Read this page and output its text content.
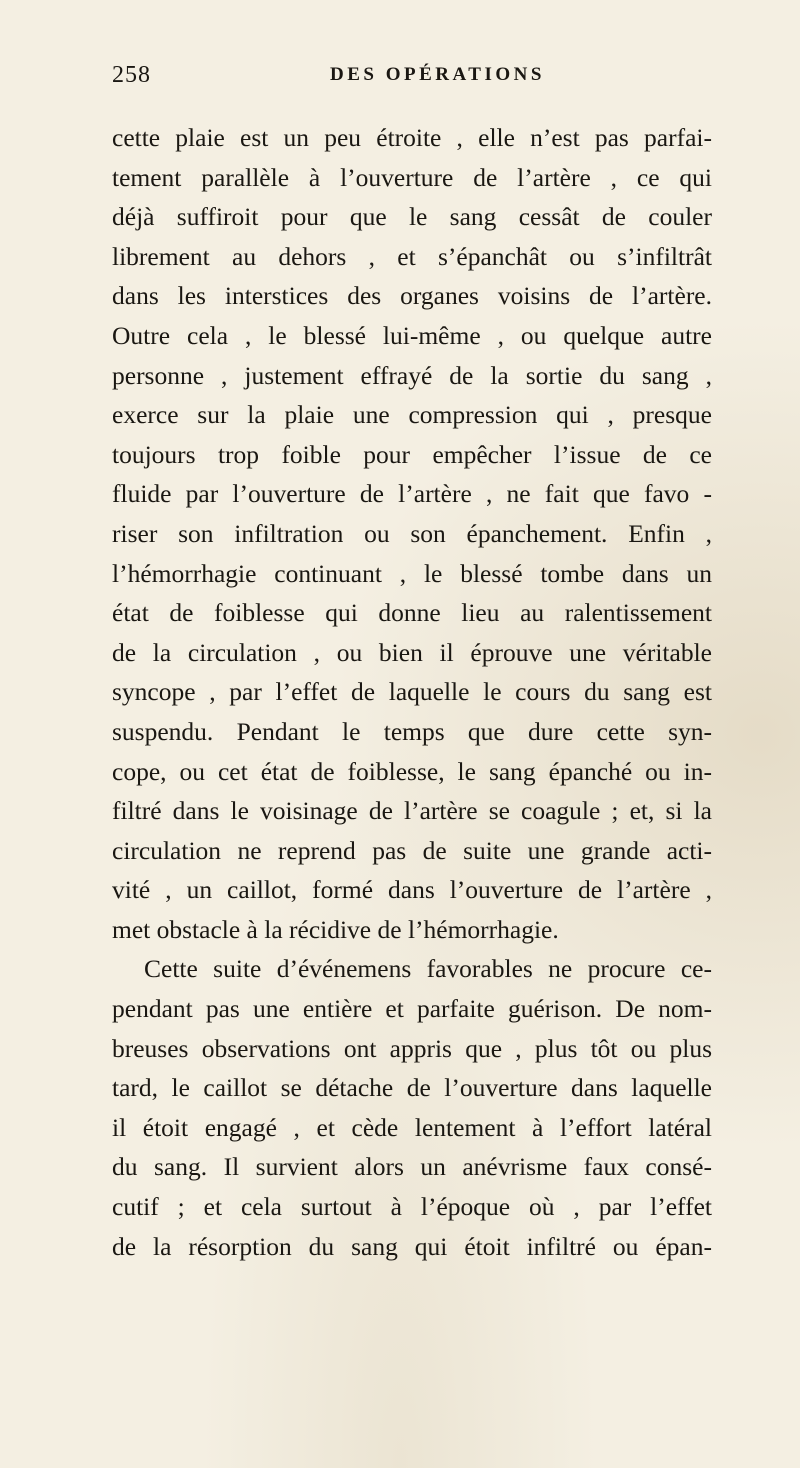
258	DES OPÉRATIONS
cette plaie est un peu étroite , elle n’est pas parfai-
tement parallèle à l’ouverture de l’artère , ce qui
déjà suffiroit pour que le sang cessât de couler
librement au dehors , et s’épanchât ou s’infiltrât
dans les interstices des organes voisins de l’artère.
Outre cela , le blessé lui-même , ou quelque autre
personne , justement effrayé de la sortie du sang ,
exerce sur la plaie une compression qui , presque
toujours trop foible pour empêcher l’issue de ce
fluide par l’ouverture de l’artère , ne fait que favo -
riser son infiltration ou son épanchement. Enfin ,
l’hémorrhagie continuant , le blessé tombe dans un
état de foiblesse qui donne lieu au ralentissement
de la circulation , ou bien il éprouve une véritable
syncope , par l’effet de laquelle le cours du sang est
suspendu. Pendant le temps que dure cette syn-
cope, ou cet état de foiblesse, le sang épanché ou in-
filtré dans le voisinage de l’artère se coagule ; et, si la
circulation ne reprend pas de suite une grande acti-
vité , un caillot, formé dans l’ouverture de l’artère ,
met obstacle à la récidive de l’hémorrhagie.
Cette suite d’événemens favorables ne procure ce-
pendant pas une entière et parfaite guérison. De nom-
breuses observations ont appris que , plus tôt ou plus
tard, le caillot se détache de l’ouverture dans laquelle
il étoit engagé , et cède lentement à l’effort latéral
du sang. Il survient alors un anévrisme faux consé-
cutif ; et cela surtout à l’époque où , par l’effet
de la résorption du sang qui étoit infiltré ou épan-
